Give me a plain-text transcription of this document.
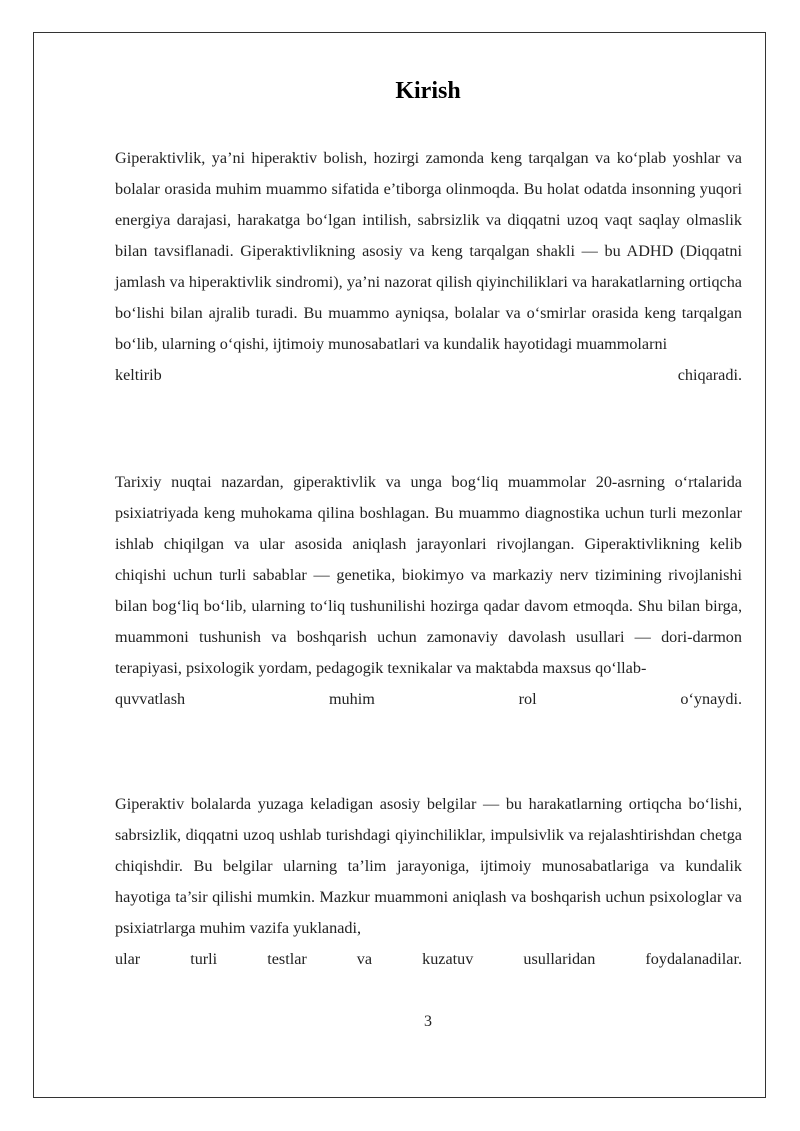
Kirish

Giperaktivlik, ya’ni hiperaktiv bolish, hozirgi zamonda keng tarqalgan va ko‘plab yoshlar va bolalar orasida muhim muammo sifatida e’tiborga olinmoqda. Bu holat odatda insonning yuqori energiya darajasi, harakatga bo‘lgan intilish, sabrsizlik va diqqatni uzoq vaqt saqlay olmaslik bilan tavsiflanadi. Giperaktivlikning asosiy va keng tarqalgan shakli — bu ADHD (Diqqatni jamlash va hiperaktivlik sindromi), ya’ni nazorat qilish qiyinchiliklari va harakatlarning ortiqcha bo‘lishi bilan ajralib turadi. Bu muammo ayniqsa, bolalar va o‘smirlar orasida keng tarqalgan bo‘lib, ularning o‘qishi, ijtimoiy munosabatlari va kundalik hayotidagi muammolarni
keltirib chiqaradi.

Tarixiy nuqtai nazardan, giperaktivlik va unga bog‘liq muammolar 20-asrning o‘rtalarida psixiatriyada keng muhokama qilina boshlagan. Bu muammo diagnostika uchun turli mezonlar ishlab chiqilgan va ular asosida aniqlash jarayonlari rivojlangan. Giperaktivlikning kelib chiqishi uchun turli sabablar — genetika, biokimyo va markaziy nerv tizimining rivojlanishi bilan bog‘liq bo‘lib, ularning to‘liq tushunilishi hozirga qadar davom etmoqda. Shu bilan birga, muammoni tushunish va boshqarish uchun zamonaviy davolash usullari — dori-darmon terapiyasi, psixologik yordam, pedagogik texnikalar va maktabda maxsus qo‘llab-
quvvatlash muhim rol o‘ynaydi.

Giperaktiv bolalarda yuzaga keladigan asosiy belgilar — bu harakatlarning ortiqcha bo‘lishi, sabrsizlik, diqqatni uzoq ushlab turishdagi qiyinchiliklar, impulsivlik va rejalashtirishdan chetga chiqishdir. Bu belgilar ularning ta’lim jarayoniga, ijtimoiy munosabatlariga va kundalik hayotiga ta’sir qilishi mumkin. Mazkur muammoni aniqlash va boshqarish uchun psixologlar va psixiatrlarga muhim vazifa yuklanadi,
ular turli testlar va kuzatuv usullaridan foydalanadilar.

3
